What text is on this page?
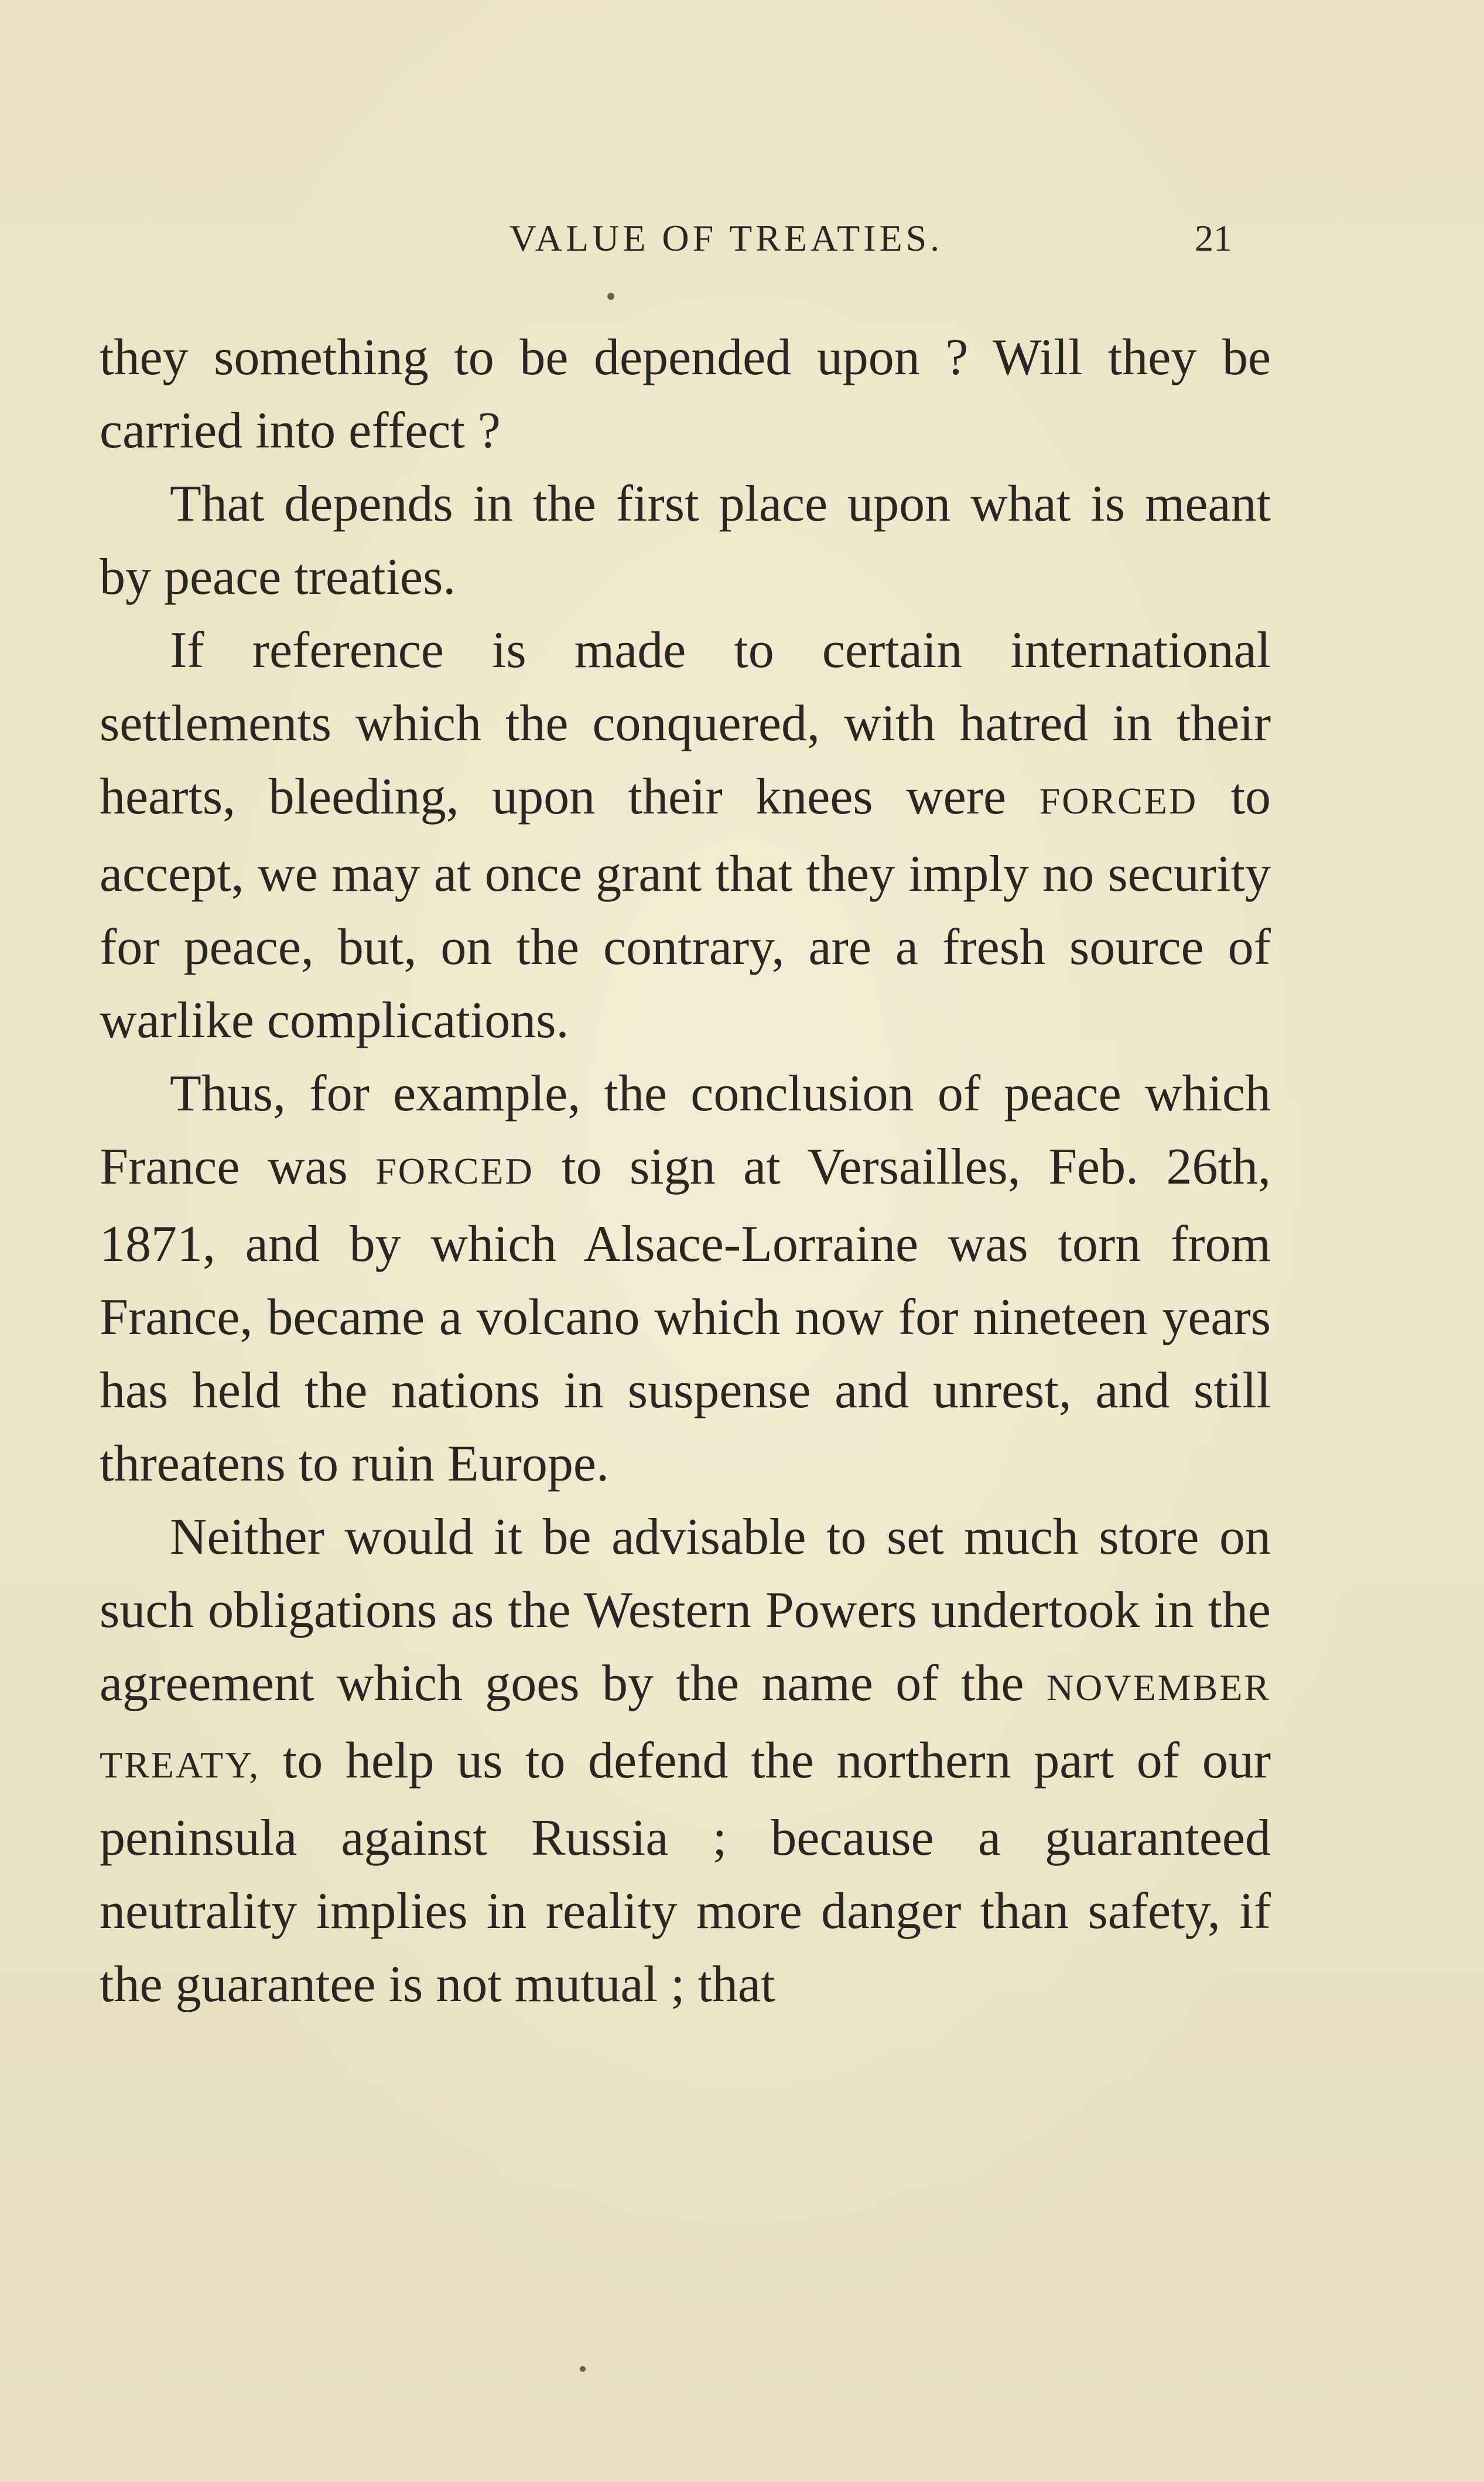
VALUE OF TREATIES.	21

they something to be depended upon ? Will they be carried into effect ?

That depends in the first place upon what is meant by peace treaties.

If reference is made to certain international settlements which the conquered, with hatred in their hearts, bleeding, upon their knees were FORCED to accept, we may at once grant that they imply no security for peace, but, on the contrary, are a fresh source of warlike complications.

Thus, for example, the conclusion of peace which France was FORCED to sign at Versailles, Feb. 26th, 1871, and by which Alsace-Lorraine was torn from France, became a volcano which now for nineteen years has held the nations in suspense and unrest, and still threatens to ruin Europe.

Neither would it be advisable to set much store on such obligations as the Western Powers undertook in the agreement which goes by the name of the NOVEMBER TREATY, to help us to defend the northern part of our peninsula against Russia ; because a guaranteed neutrality implies in reality more danger than safety, if the guarantee is not mutual ; that
